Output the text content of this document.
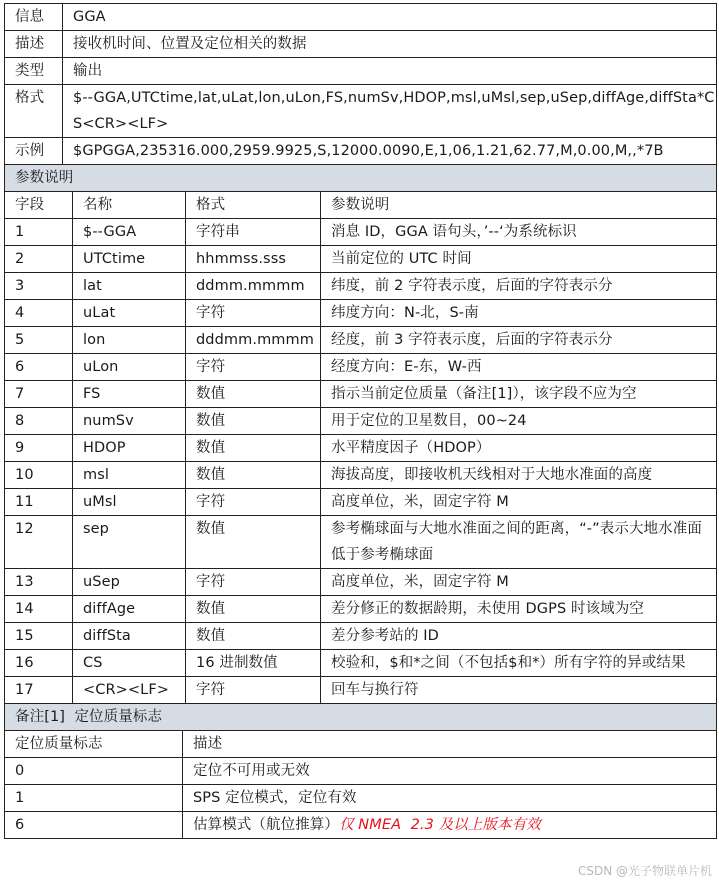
信息	GGA
描述	接收机时间、位置及定位相关的数据
类型	输出
格式	$--GGA,UTCtime,lat,uLat,lon,uLon,FS,numSv,HDOP,msl,uMsl,sep,uSep,diffAge,diffSta*CS<CR><LF>
示例	$GPGGA,235316.000,2959.9925,S,12000.0090,E,1,06,1.21,62.77,M,0.00,M,,*7B
参数说明			
字段	名称	格式	参数说明
1	$--GGA	字符串	消息 ID，GGA 语句头，’--‘为系统标识
2	UTCtime	hhmmss.sss	当前定位的 UTC 时间
3	lat	ddmm.mmmm	纬度，前 2 字符表示度，后面的字符表示分
4	uLat	字符	纬度方向：N-北，S-南
5	lon	dddmm.mmmm	经度，前 3 字符表示度，后面的字符表示分
6	uLon	字符	经度方向：E-东，W-西
7	FS	数值	指示当前定位质量（备注[1]），该字段不应为空
8	numSv	数值	用于定位的卫星数目，00~24
9	HDOP	数值	水平精度因子（HDOP）
10	msl	数值	海拔高度，即接收机天线相对于大地水准面的高度
11	uMsl	字符	高度单位，米，固定字符 M
12	sep	数值	参考椭球面与大地水准面之间的距离，“-”表示大地水准面低于参考椭球面
13	uSep	字符	高度单位，米，固定字符 M
14	diffAge	数值	差分修正的数据龄期，未使用 DGPS 时该域为空
15	diffSta	数值	差分参考站的 ID
16	CS	16 进制数值	校验和，$和*之间（不包括$和*）所有字符的异或结果
17	<CR><LF>	字符	回车与换行符
备注[1]  定位质量标志	
定位质量标志	描述
0	定位不可用或无效
1	SPS 定位模式，定位有效
6	估算模式（航位推算）仅 NMEA  2.3 及以上版本有效
CSDN @光子物联单片机
